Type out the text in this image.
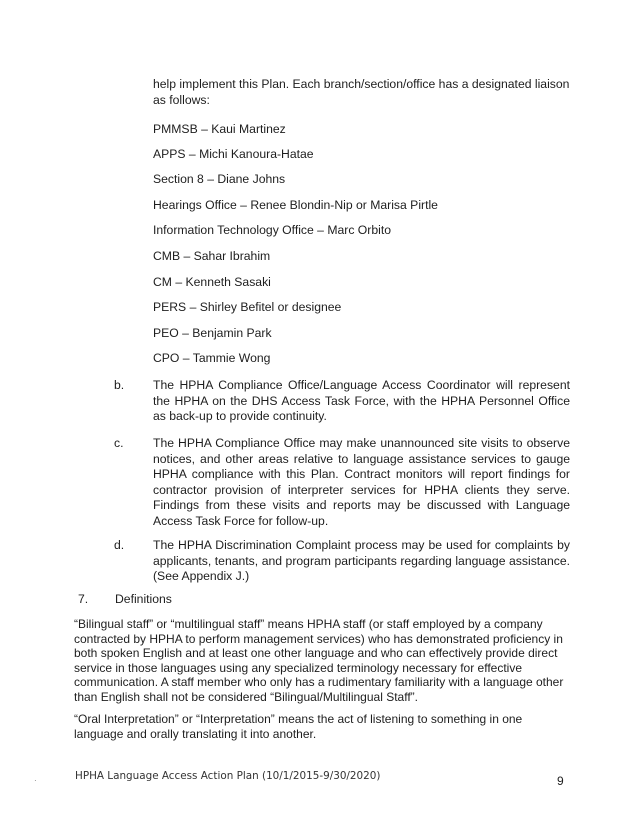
help implement this Plan. Each branch/section/office has a designated liaison as follows:

PMMSB – Kaui Martinez

APPS – Michi Kanoura-Hatae

Section 8 – Diane Johns

Hearings Office – Renee Blondin-Nip or Marisa Pirtle

Information Technology Office – Marc Orbito

CMB – Sahar Ibrahim

CM – Kenneth Sasaki

PERS – Shirley Befitel or designee

PEO – Benjamin Park

CPO – Tammie Wong

b. The HPHA Compliance Office/Language Access Coordinator will represent the HPHA on the DHS Access Task Force, with the HPHA Personnel Office as back-up to provide continuity.

c. The HPHA Compliance Office may make unannounced site visits to observe notices, and other areas relative to language assistance services to gauge HPHA compliance with this Plan. Contract monitors will report findings for contractor provision of interpreter services for HPHA clients they serve. Findings from these visits and reports may be discussed with Language Access Task Force for follow-up.

d. The HPHA Discrimination Complaint process may be used for complaints by applicants, tenants, and program participants regarding language assistance. (See Appendix J.)

7. Definitions

“Bilingual staff” or “multilingual staff” means HPHA staff (or staff employed by a company contracted by HPHA to perform management services) who has demonstrated proficiency in both spoken English and at least one other language and who can effectively provide direct service in those languages using any specialized terminology necessary for effective communication. A staff member who only has a rudimentary familiarity with a language other than English shall not be considered “Bilingual/Multilingual Staff”.

“Oral Interpretation” or “Interpretation” means the act of listening to something in one language and orally translating it into another.

·	HPHA Language Access Action Plan (10/1/2015-9/30/2020)	9
